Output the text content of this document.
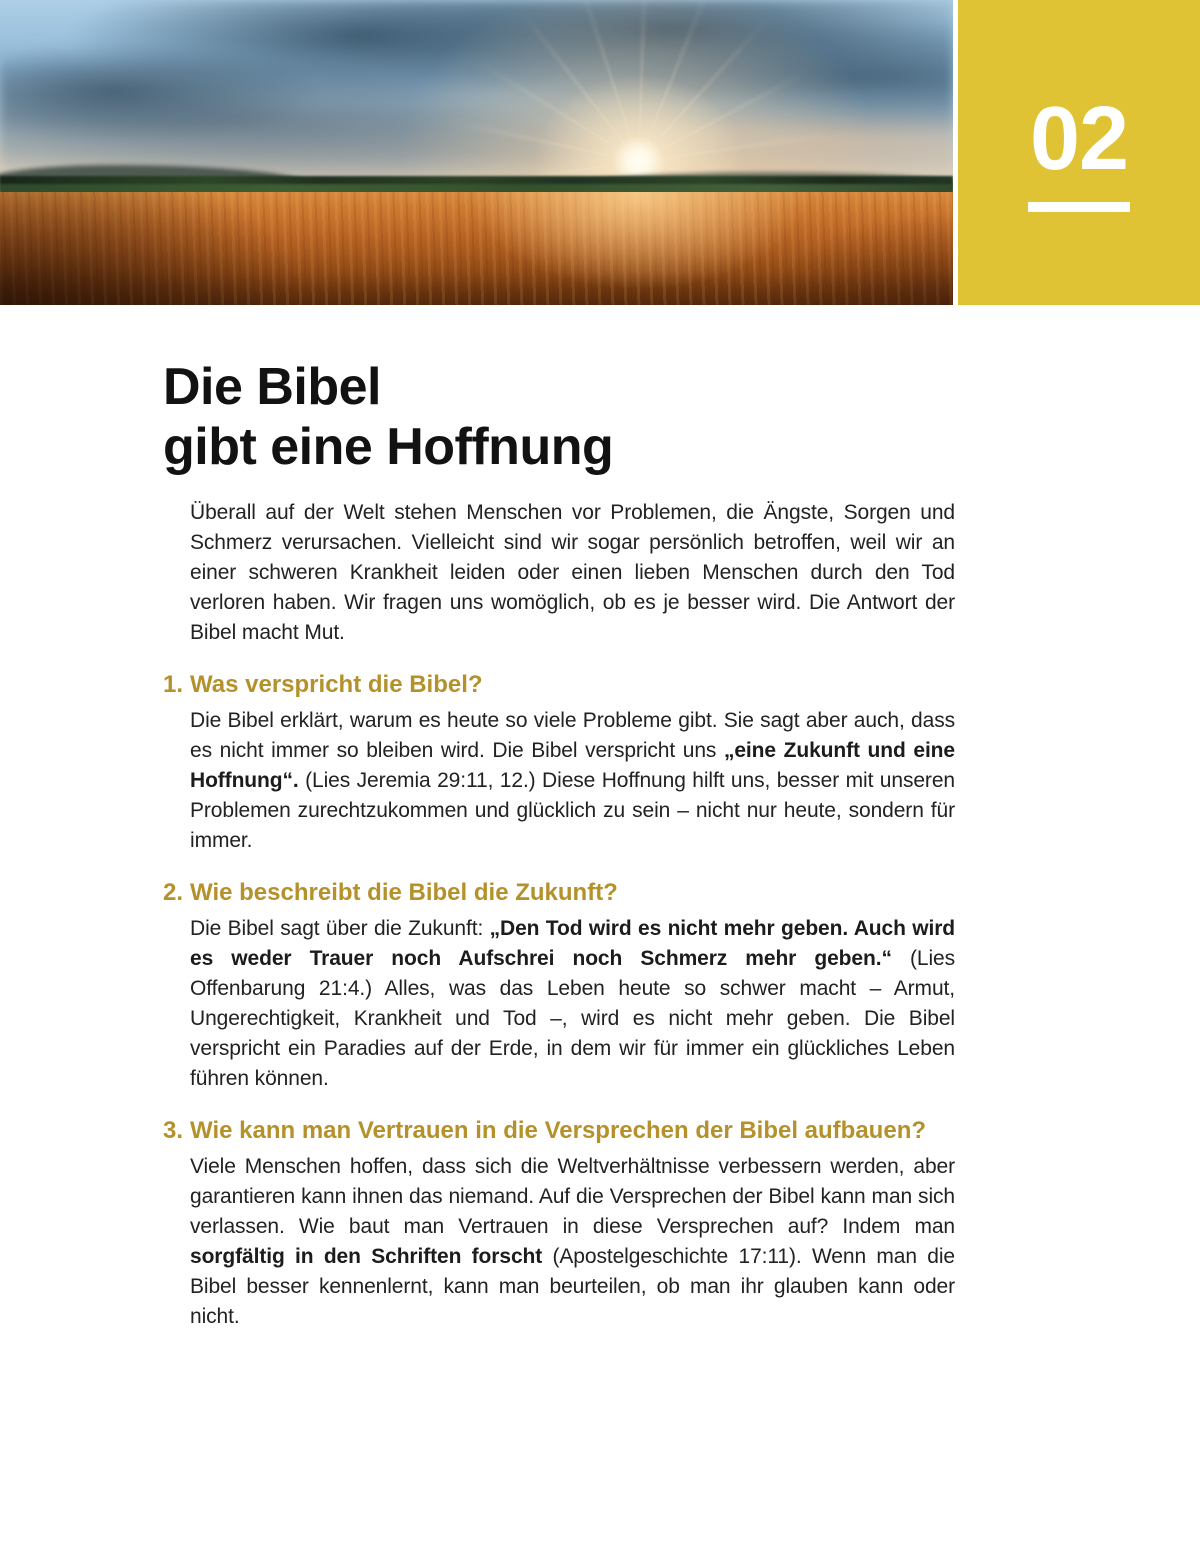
02
Die Bibel
gibt eine Hoffnung

Überall auf der Welt stehen Menschen vor Problemen, die Ängste, Sorgen und Schmerz verursachen. Vielleicht sind wir sogar persönlich betroffen, weil wir an einer schweren Krankheit leiden oder einen lieben Menschen durch den Tod verloren haben. Wir fragen uns womöglich, ob es je besser wird. Die Antwort der Bibel macht Mut.

1. Was verspricht die Bibel?

Die Bibel erklärt, warum es heute so viele Probleme gibt. Sie sagt aber auch, dass es nicht immer so bleiben wird. Die Bibel verspricht uns „eine Zukunft und eine Hoffnung“. (Lies Jeremia 29:11, 12.) Diese Hoffnung hilft uns, besser mit unseren Problemen zurechtzukommen und glücklich zu sein – nicht nur heute, sondern für immer.

2. Wie beschreibt die Bibel die Zukunft?

Die Bibel sagt über die Zukunft: „Den Tod wird es nicht mehr geben. Auch wird es weder Trauer noch Aufschrei noch Schmerz mehr geben.“ (Lies Offenbarung 21:4.) Alles, was das Leben heute so schwer macht – Armut, Ungerechtigkeit, Krankheit und Tod –, wird es nicht mehr geben. Die Bibel verspricht ein Paradies auf der Erde, in dem wir für immer ein glückliches Leben führen können.

3. Wie kann man Vertrauen in die Versprechen der Bibel aufbauen?

Viele Menschen hoffen, dass sich die Weltverhältnisse verbessern werden, aber garantieren kann ihnen das niemand. Auf die Versprechen der Bibel kann man sich verlassen. Wie baut man Vertrauen in diese Versprechen auf? Indem man sorgfältig in den Schriften forscht (Apostelgeschichte 17:11). Wenn man die Bibel besser kennenlernt, kann man beurteilen, ob man ihr glauben kann oder nicht.
